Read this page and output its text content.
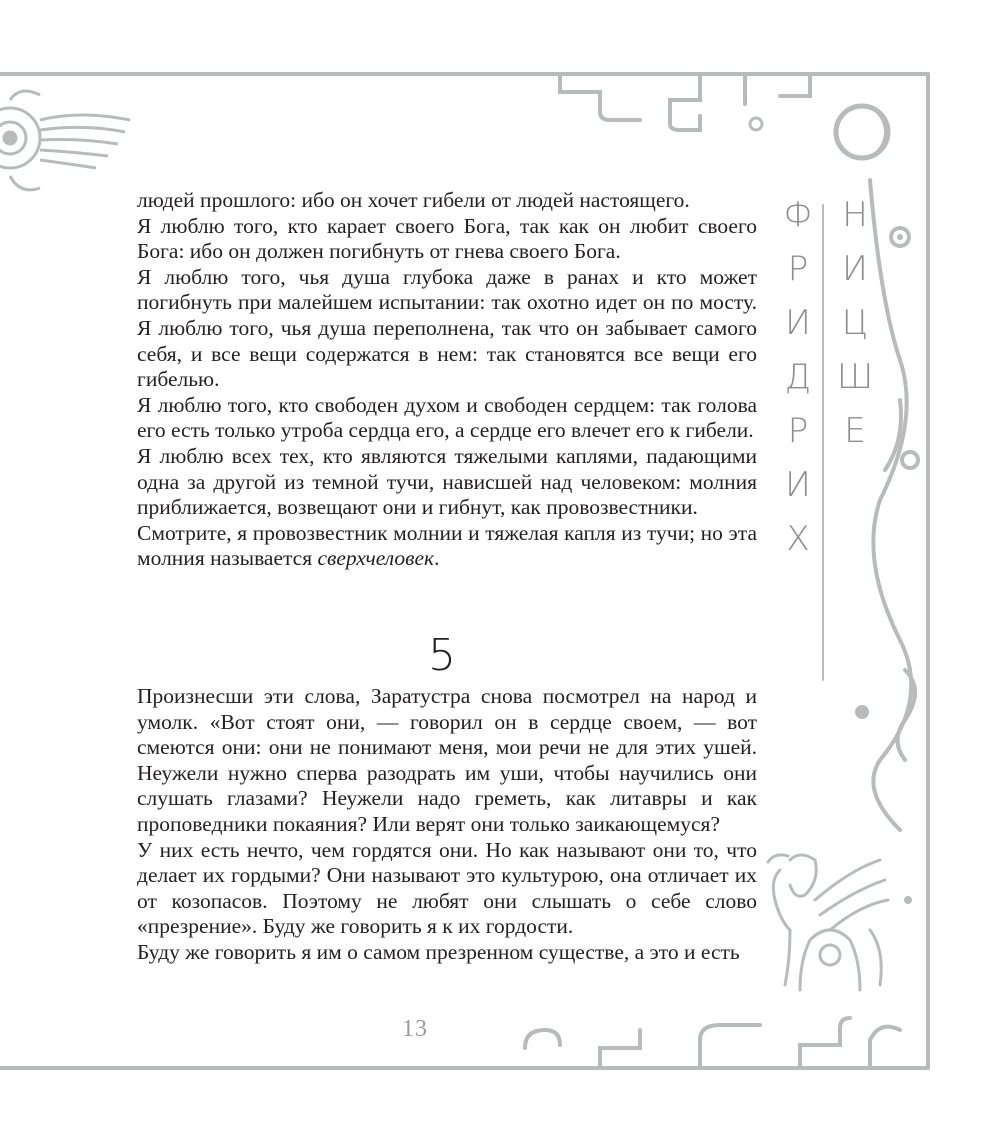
Ф
Р
И
Д
Р
И
Х
Н
И
Ц
Ш
Е

людей прошлого: ибо он хочет гибели от людей настоящего.

Я люблю того, кто карает своего Бога, так как он любит своего Бога: ибо он должен погибнуть от гнева своего Бога.

Я люблю того, чья душа глубока даже в ранах и кто может погибнуть при малейшем испытании: так охотно идет он по мосту. Я люблю того, чья душа переполнена, так что он забывает самого себя, и все вещи содержатся в нем: так становятся все вещи его гибелью.

Я люблю того, кто свободен духом и свободен сердцем: так голова его есть только утроба сердца его, а сердце его влечет его к гибели.

Я люблю всех тех, кто являются тяжелыми каплями, падающими одна за другой из темной тучи, нависшей над человеком: молния приближается, возвещают они и гибнут, как провозвестники.

Смотрите, я провозвестник молнии и тяжелая капля из тучи; но эта молния называется сверхчеловек.

5

Произнесши эти слова, Заратустра снова посмотрел на народ и умолк. «Вот стоят они, — говорил он в сердце своем, — вот смеются они: они не понимают меня, мои речи не для этих ушей. Неужели нужно сперва разодрать им уши, чтобы научились они слушать глазами? Неужели надо греметь, как литавры и как проповедники покаяния? Или верят они только заикающемуся?

У них есть нечто, чем гордятся они. Но как называют они то, что делает их гордыми? Они называют это культурою, она отличает их от козопасов. Поэтому не любят они слышать о себе слово «презрение». Буду же говорить я к их гордости.

Буду же говорить я им о самом презренном существе, а это и есть

13
